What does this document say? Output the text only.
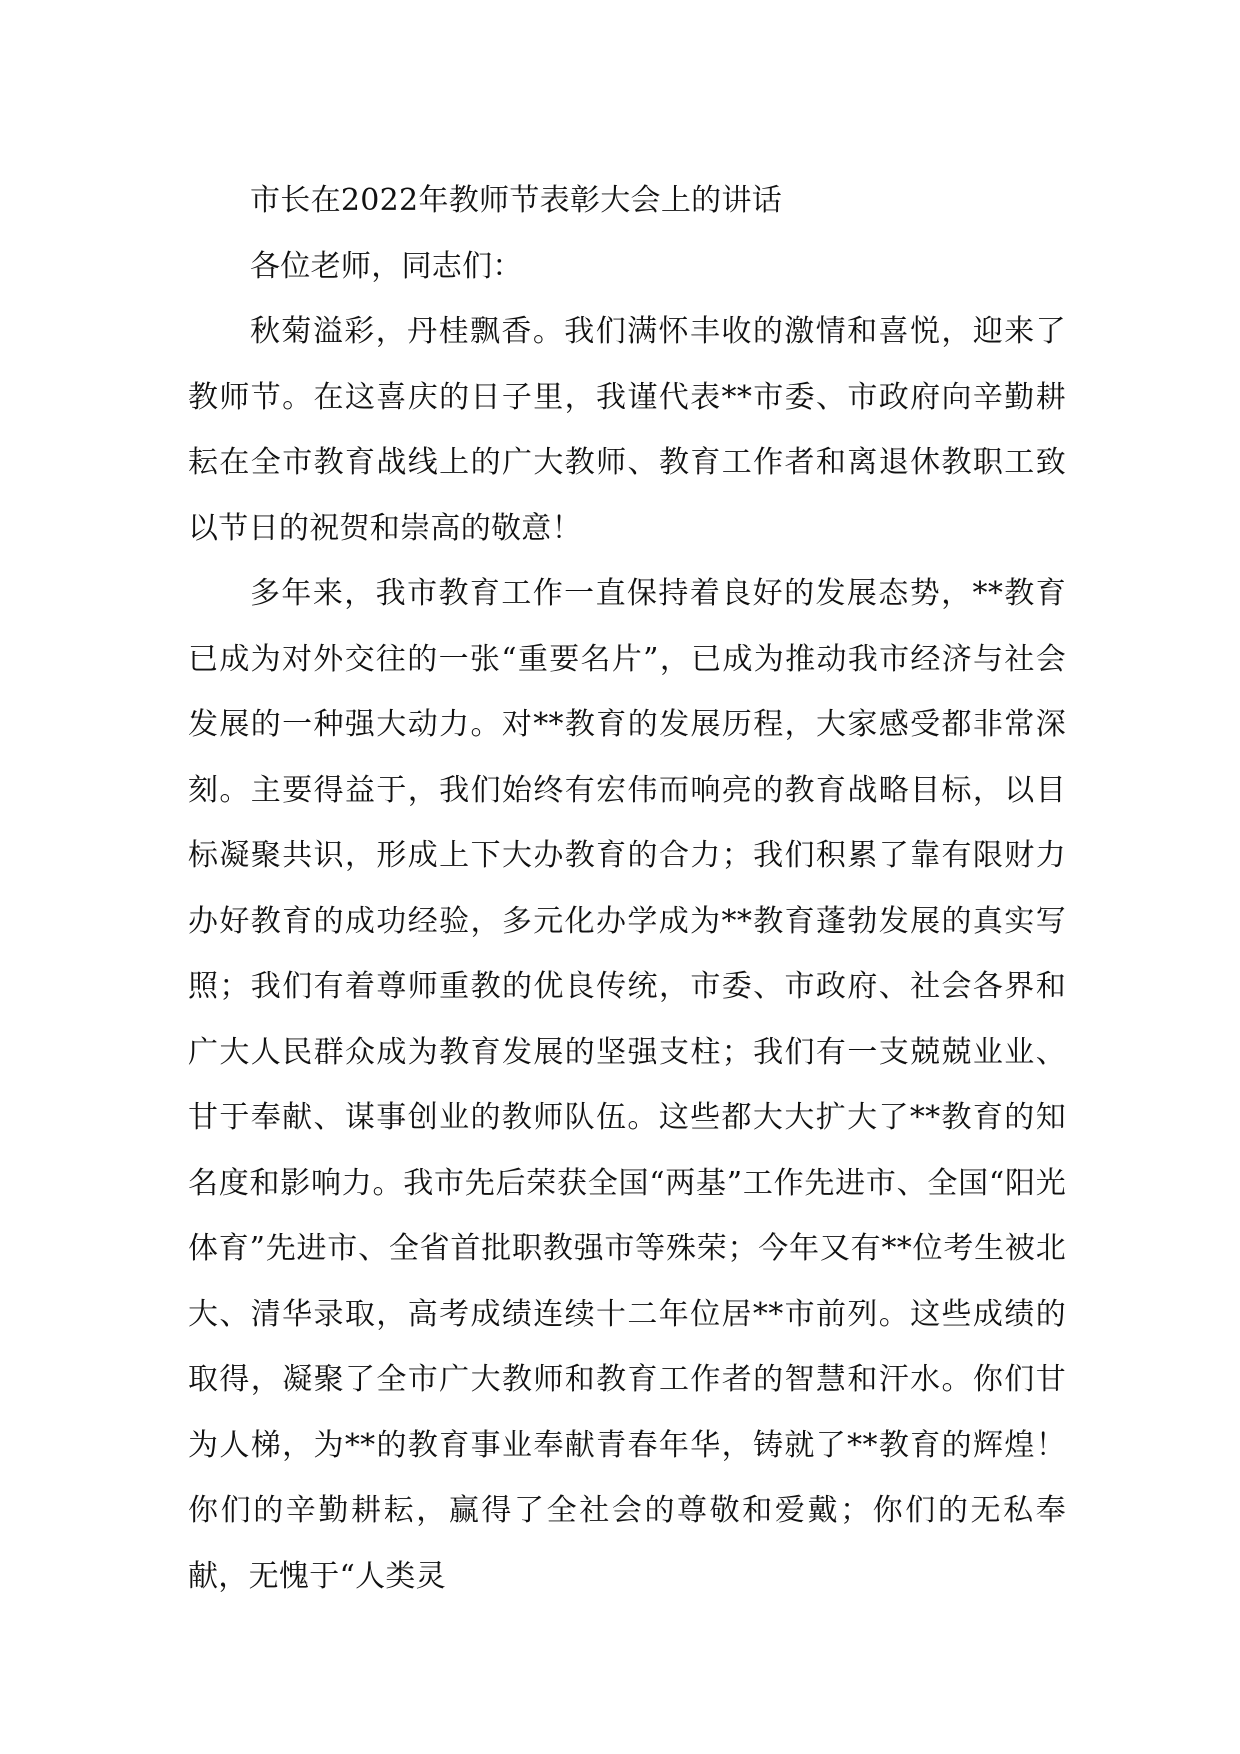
市长在2022年教师节表彰大会上的讲话

各位老师，同志们：

秋菊溢彩，丹桂飘香。我们满怀丰收的激情和喜悦，迎来了教师节。在这喜庆的日子里，我谨代表**市委、市政府向辛勤耕耘在全市教育战线上的广大教师、教育工作者和离退休教职工致以节日的祝贺和崇高的敬意！

多年来，我市教育工作一直保持着良好的发展态势，**教育已成为对外交往的一张“重要名片”，已成为推动我市经济与社会发展的一种强大动力。对**教育的发展历程，大家感受都非常深刻。主要得益于，我们始终有宏伟而响亮的教育战略目标，以目标凝聚共识，形成上下大办教育的合力；我们积累了靠有限财力办好教育的成功经验，多元化办学成为**教育蓬勃发展的真实写照；我们有着尊师重教的优良传统，市委、市政府、社会各界和广大人民群众成为教育发展的坚强支柱；我们有一支兢兢业业、甘于奉献、谋事创业的教师队伍。这些都大大扩大了**教育的知名度和影响力。我市先后荣获全国“两基”工作先进市、全国“阳光体育”先进市、全省首批职教强市等殊荣；今年又有**位考生被北大、清华录取，高考成绩连续十二年位居**市前列。这些成绩的取得，凝聚了全市广大教师和教育工作者的智慧和汗水。你们甘为人梯，为**的教育事业奉献青春年华，铸就了**教育的辉煌！你们的辛勤耕耘，赢得了全社会的尊敬和爱戴；你们的无私奉献，无愧于“人类灵
